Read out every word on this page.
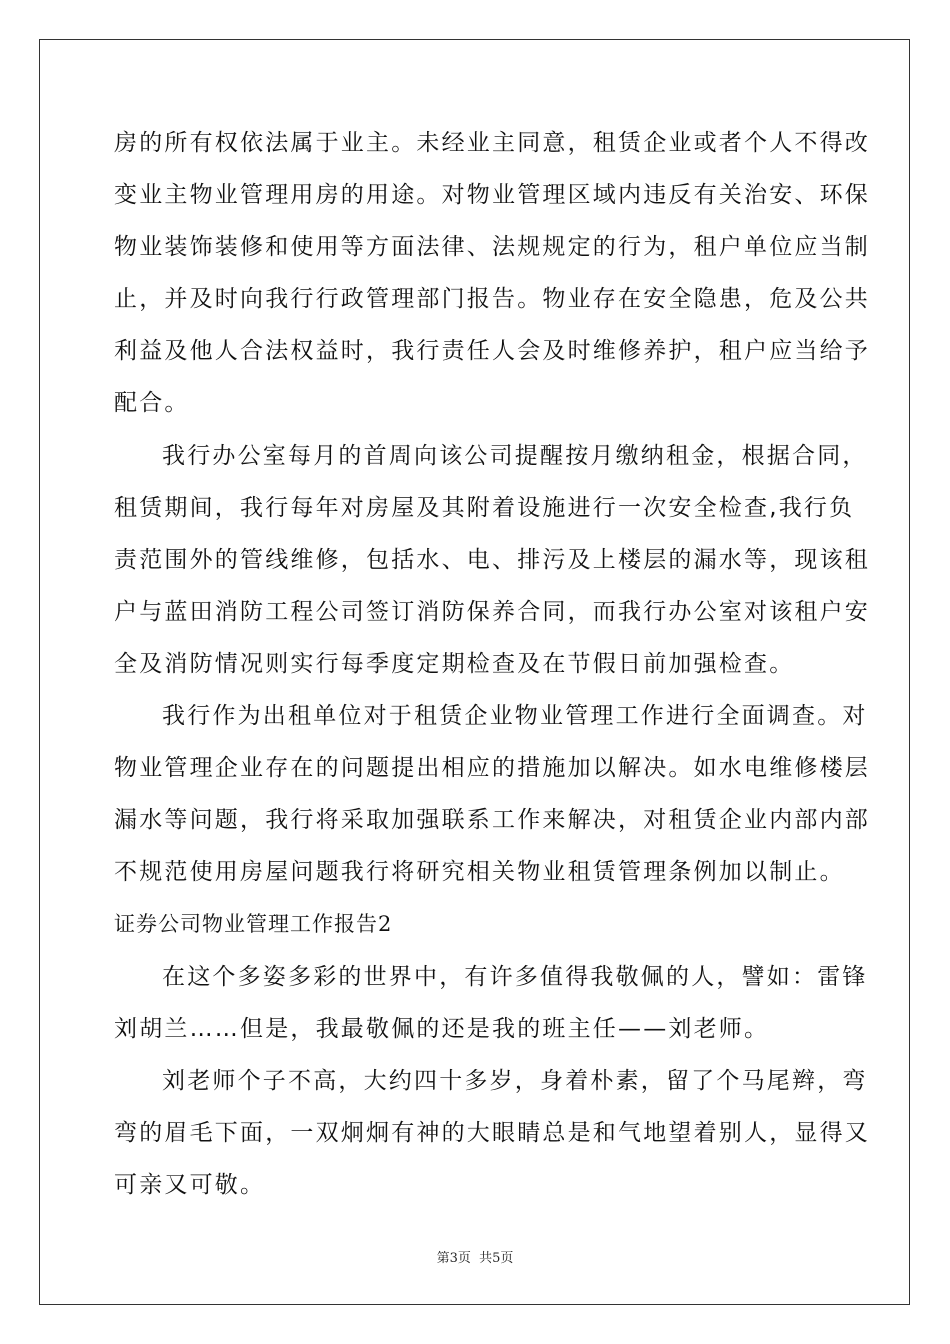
房的所有权依法属于业主。未经业主同意，租赁企业或者个人不得改
变业主物业管理用房的用途。对物业管理区域内违反有关治安、环保
物业装饰装修和使用等方面法律、法规规定的行为，租户单位应当制
止，并及时向我行行政管理部门报告。物业存在安全隐患，危及公共
利益及他人合法权益时，我行责任人会及时维修养护，租户应当给予
配合。
我行办公室每月的首周向该公司提醒按月缴纳租金，根据合同，
租赁期间，我行每年对房屋及其附着设施进行一次安全检查,我行负
责范围外的管线维修，包括水、电、排污及上楼层的漏水等，现该租
户与蓝田消防工程公司签订消防保养合同，而我行办公室对该租户安
全及消防情况则实行每季度定期检查及在节假日前加强检查。
我行作为出租单位对于租赁企业物业管理工作进行全面调查。对
物业管理企业存在的问题提出相应的措施加以解决。如水电维修楼层
漏水等问题，我行将采取加强联系工作来解决，对租赁企业内部内部
不规范使用房屋问题我行将研究相关物业租赁管理条例加以制止。
证券公司物业管理工作报告2
在这个多姿多彩的世界中，有许多值得我敬佩的人，譬如：雷锋
刘胡兰……但是，我最敬佩的还是我的班主任——刘老师。
刘老师个子不高，大约四十多岁，身着朴素，留了个马尾辫，弯
弯的眉毛下面，一双炯炯有神的大眼睛总是和气地望着别人，显得又
可亲又可敬。
第3页 共5页
